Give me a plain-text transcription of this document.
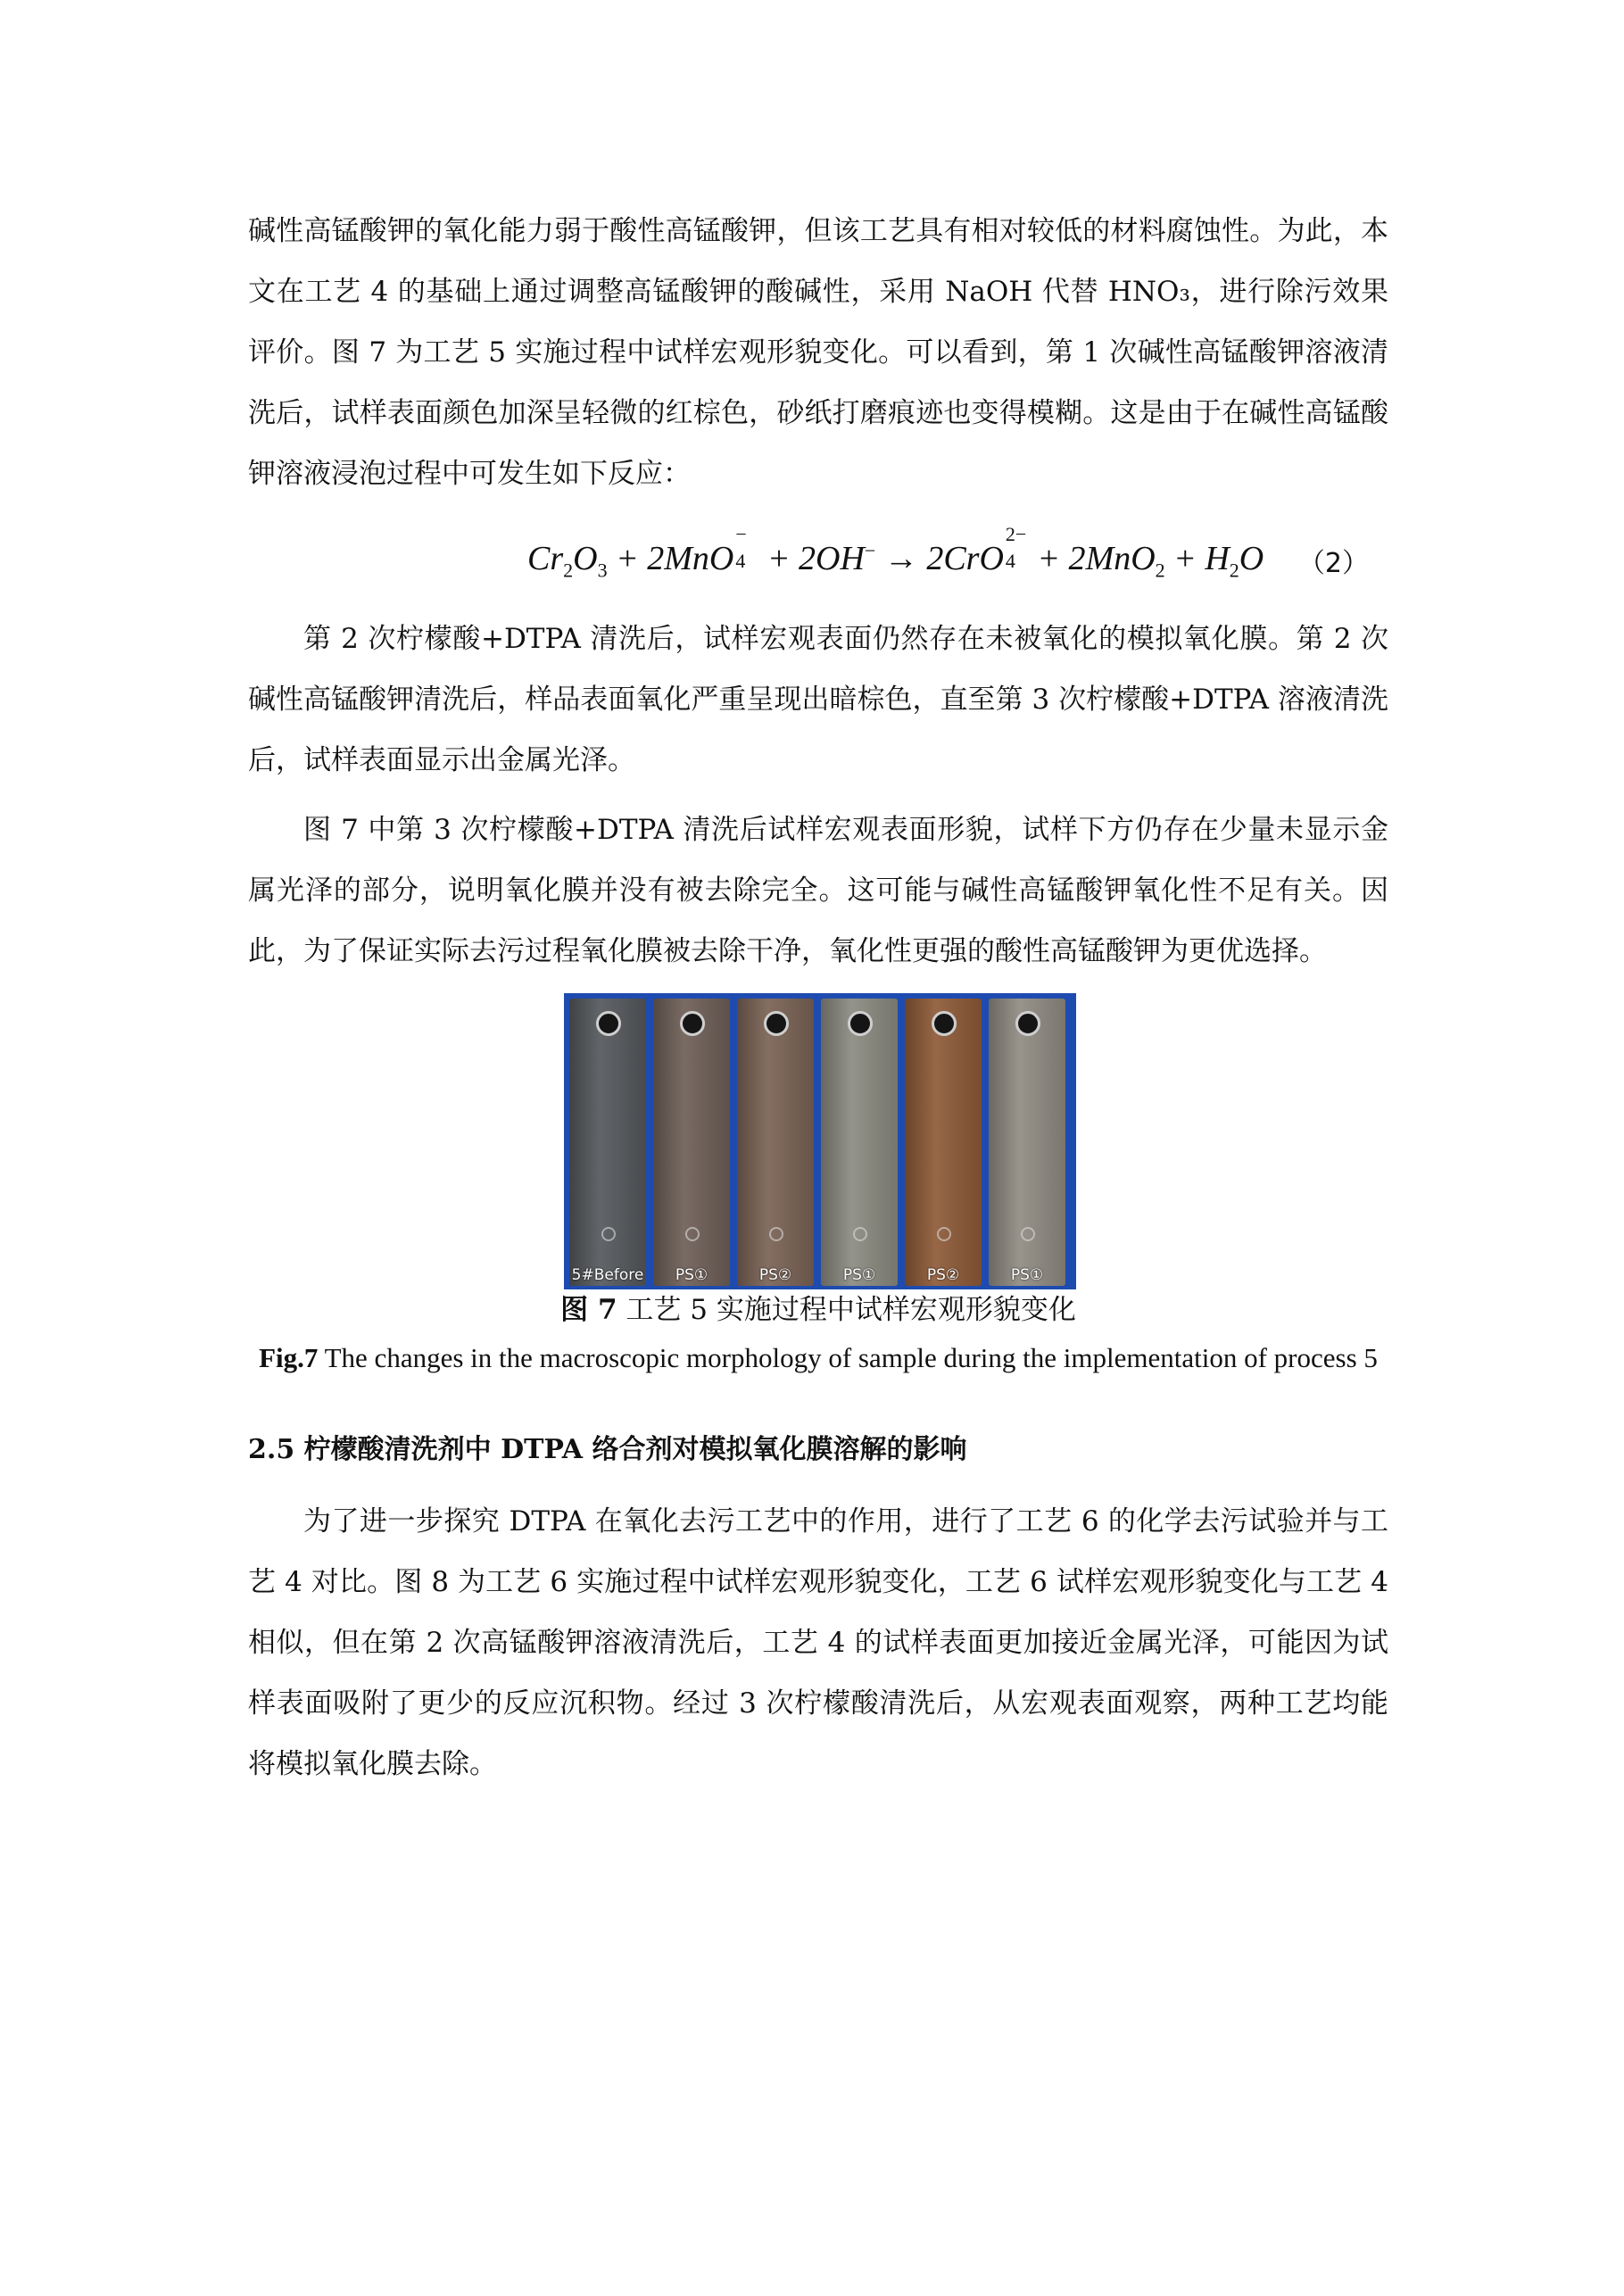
碱性高锰酸钾的氧化能力弱于酸性高锰酸钾，但该工艺具有相对较低的材料腐蚀性。为此，本文在工艺 4 的基础上通过调整高锰酸钾的酸碱性，采用 NaOH 代替 HNO₃，进行除污效果评价。图 7 为工艺 5 实施过程中试样宏观形貌变化。可以看到，第 1 次碱性高锰酸钾溶液清洗后，试样表面颜色加深呈轻微的红棕色，砂纸打磨痕迹也变得模糊。这是由于在碱性高锰酸钾溶液浸泡过程中可发生如下反应：

$Cr_2O_3 + 2MnO$
−
4 + 2OH− → 2CrO
2−
$4 + 2MnO_2 + H_2O$ （2）

第 2 次柠檬酸+DTPA 清洗后，试样宏观表面仍然存在未被氧化的模拟氧化膜。第 2 次碱性高锰酸钾清洗后，样品表面氧化严重呈现出暗棕色，直至第 3 次柠檬酸+DTPA 溶液清洗后，试样表面显示出金属光泽。

图 7 中第 3 次柠檬酸+DTPA 清洗后试样宏观表面形貌，试样下方仍存在少量未显示金属光泽的部分，说明氧化膜并没有被去除完全。这可能与碱性高锰酸钾氧化性不足有关。因此，为了保证实际去污过程氧化膜被去除干净，氧化性更强的酸性高锰酸钾为更优选择。

5#Before	PS①	PS②	PS①	PS②	PS①
图 7 工艺 5 实施过程中试样宏观形貌变化
Fig.7 The changes in the macroscopic morphology of sample during the implementation of process 5
2.5 柠檬酸清洗剂中 DTPA 络合剂对模拟氧化膜溶解的影响

为了进一步探究 DTPA 在氧化去污工艺中的作用，进行了工艺 6 的化学去污试验并与工艺 4 对比。图 8 为工艺 6 实施过程中试样宏观形貌变化，工艺 6 试样宏观形貌变化与工艺 4 相似，但在第 2 次高锰酸钾溶液清洗后，工艺 4 的试样表面更加接近金属光泽，可能因为试样表面吸附了更少的反应沉积物。经过 3 次柠檬酸清洗后，从宏观表面观察，两种工艺均能将模拟氧化膜去除。
